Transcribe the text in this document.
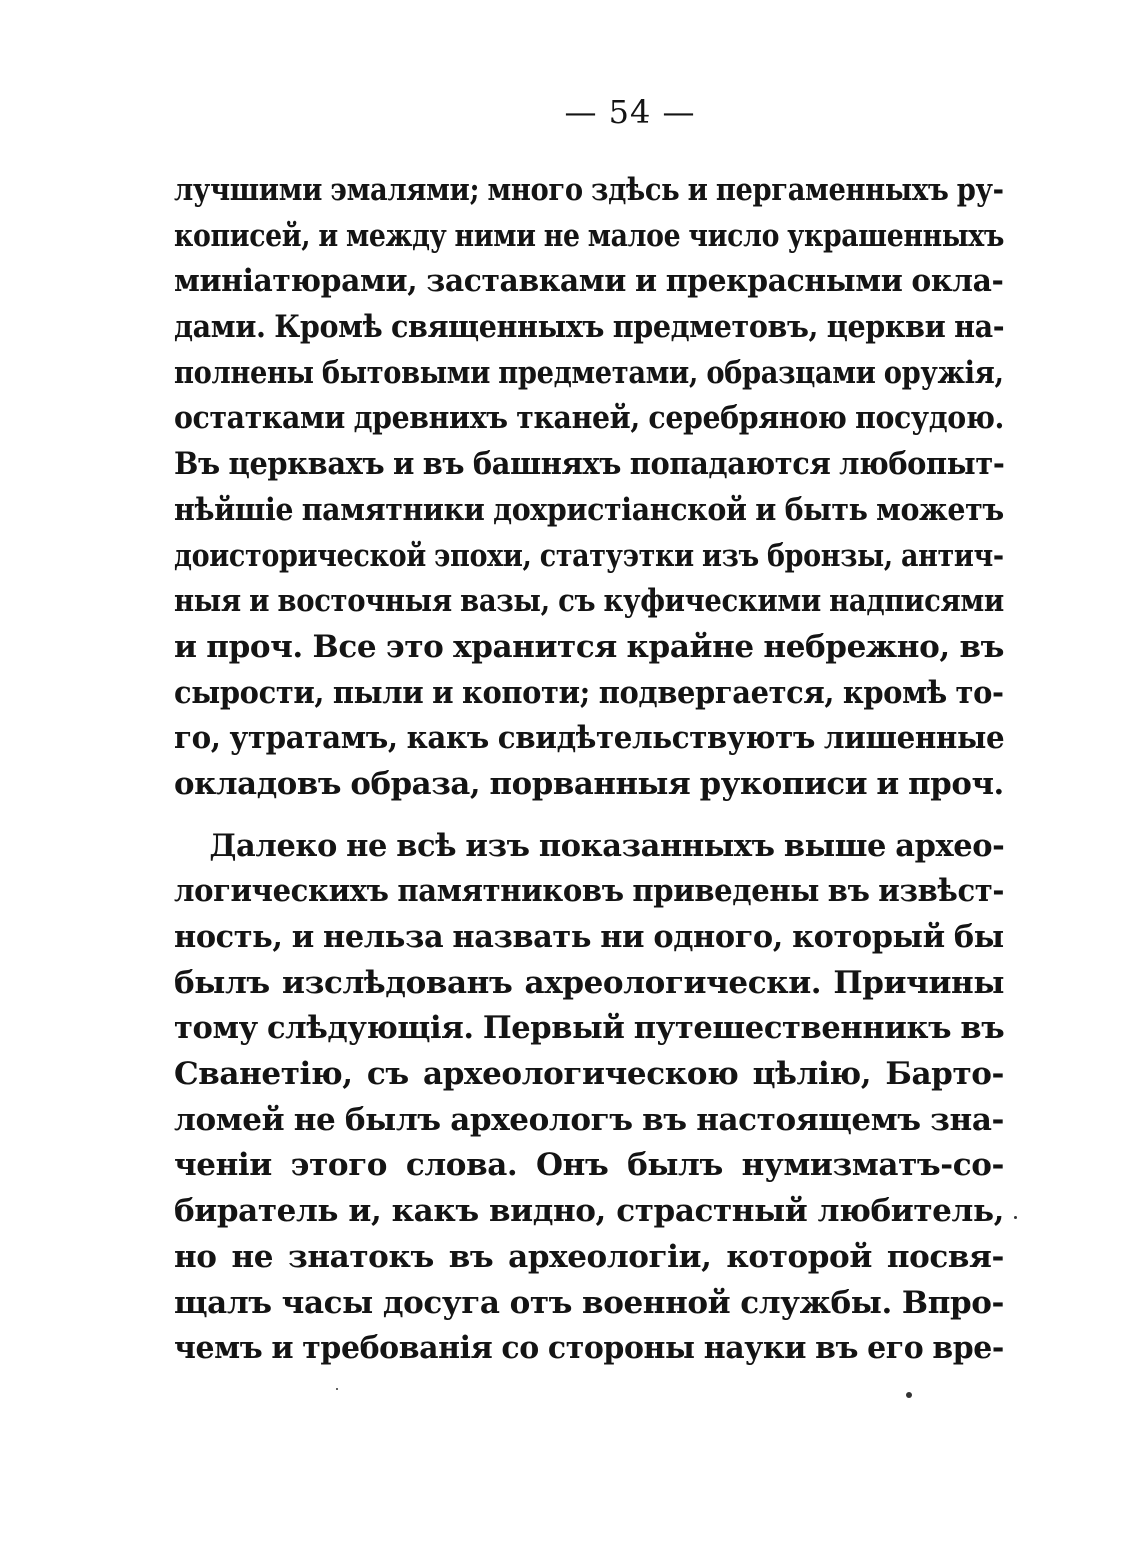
— 54 —

лучшими эмалями; много здѣсь и пергаменныхъ ру-
кописей, и между ними не малое число украшенныхъ
миніатюрами, заставками и прекрасными окла-
дами. Кромѣ священныхъ предметовъ, церкви на-
полнены бытовыми предметами, образцами оружія,
остатками древнихъ тканей, серебряною посудою.
Въ церквахъ и въ башняхъ попадаются любопыт-
нѣйшіе памятники дохристіанской и быть можетъ
доисторической эпохи, статуэтки изъ бронзы, антич-
ныя и восточныя вазы, съ куфическими надписями
и проч. Все это хранится крайне небрежно, въ
сырости, пыли и копоти; подвергается, кромѣ то-
го, утратамъ, какъ свидѣтельствуютъ лишенные
окладовъ образа, порванныя рукописи и проч.

Далеко не всѣ изъ показанныхъ выше архео-
логическихъ памятниковъ приведены въ извѣст-
ность, и нельза назвать ни одного, который бы
былъ изслѣдованъ ахреологически. Причины
тому слѣдующія. Первый путешественникъ въ
Сванетію, съ археологическою цѣлію, Барто-
ломей не былъ археологъ въ настоящемъ зна-
ченіи этого слова. Онъ былъ нумизматъ-со-
биратель и, какъ видно, страстный любитель,
но не знатокъ въ археологіи, которой посвя-
щалъ часы досуга отъ военной службы. Впро-
чемъ и требованія со стороны науки въ его вре-
